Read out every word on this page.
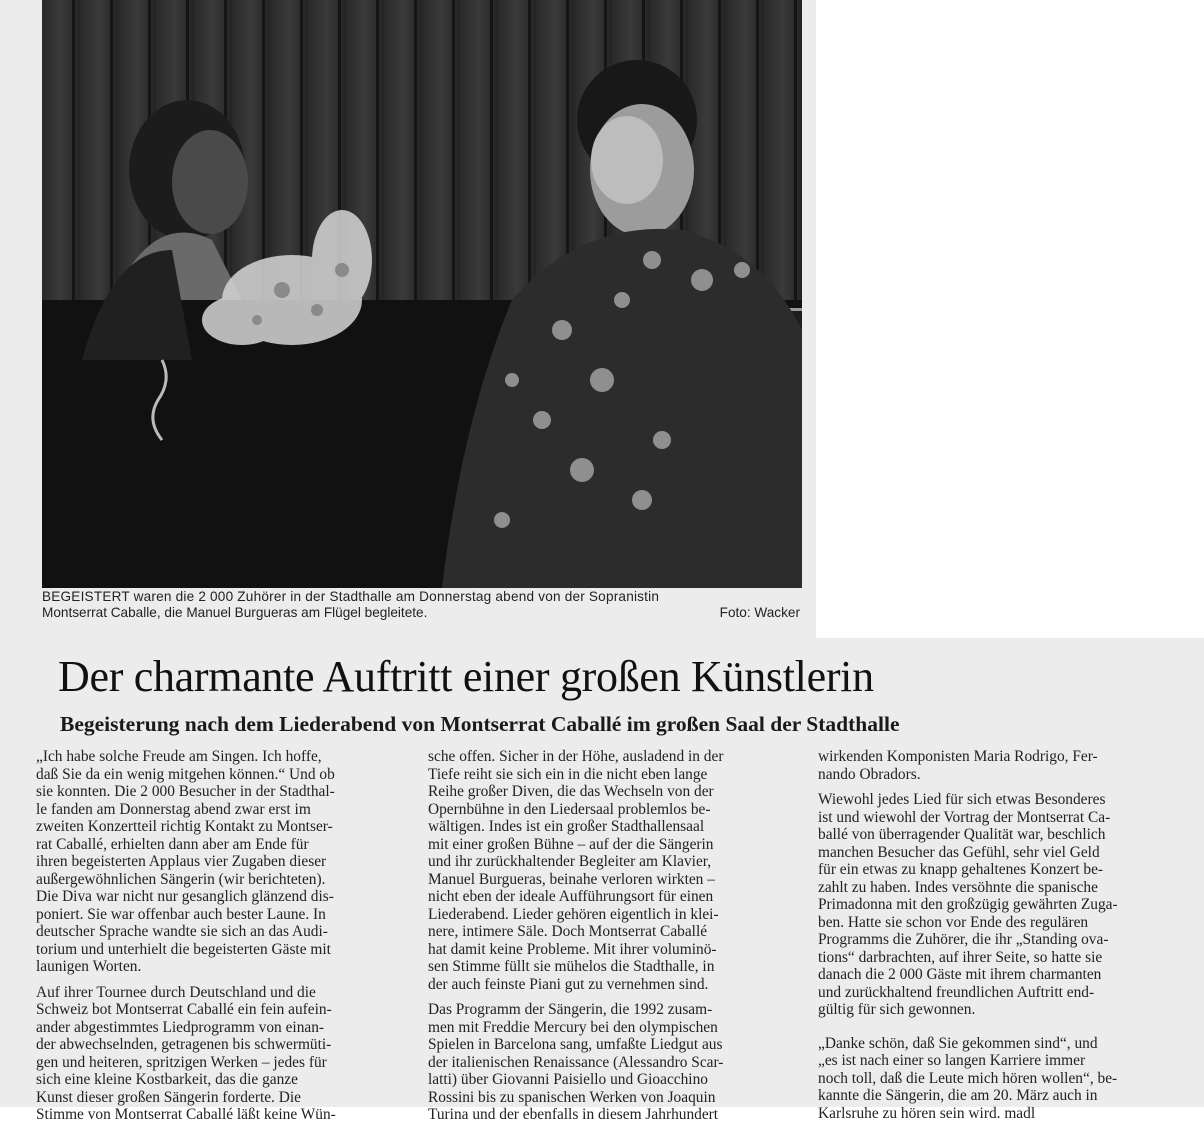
BEGEISTERT waren die 2 000 Zuhörer in der Stadthalle am Donnerstag abend von der Sopranistin
Montserrat Caballe, die Manuel Burgueras am Flügel begleitete.	Foto: Wacker
Der charmante Auftritt einer großen Künstlerin
Begeisterung nach dem Liederabend von Montserrat Caballé im großen Saal der Stadthalle
„Ich habe solche Freude am Singen. Ich hoffe,
daß Sie da ein wenig mitgehen können.“ Und ob
sie konnten. Die 2 000 Besucher in der Stadthal-
le fanden am Donnerstag abend zwar erst im
zweiten Konzertteil richtig Kontakt zu Montser-
rat Caballé, erhielten dann aber am Ende für
ihren begeisterten Applaus vier Zugaben dieser
außergewöhnlichen Sängerin (wir berichteten).
Die Diva war nicht nur gesanglich glänzend dis-
poniert. Sie war offenbar auch bester Laune. In
deutscher Sprache wandte sie sich an das Audi-
torium und unterhielt die begeisterten Gäste mit
launigen Worten.
Auf ihrer Tournee durch Deutschland und die
Schweiz bot Montserrat Caballé ein fein aufein-
ander abgestimmtes Liedprogramm von einan-
der abwechselnden, getragenen bis schwermüti-
gen und heiteren, spritzigen Werken – jedes für
sich eine kleine Kostbarkeit, das die ganze
Kunst dieser großen Sängerin forderte. Die
Stimme von Montserrat Caballé läßt keine Wün-
sche offen. Sicher in der Höhe, ausladend in der
Tiefe reiht sie sich ein in die nicht eben lange
Reihe großer Diven, die das Wechseln von der
Opernbühne in den Liedersaal problemlos be-
wältigen. Indes ist ein großer Stadthallensaal
mit einer großen Bühne – auf der die Sängerin
und ihr zurückhaltender Begleiter am Klavier,
Manuel Burgueras, beinahe verloren wirkten –
nicht eben der ideale Aufführungsort für einen
Liederabend. Lieder gehören eigentlich in klei-
nere, intimere Säle. Doch Montserrat Caballé
hat damit keine Probleme. Mit ihrer voluminö-
sen Stimme füllt sie mühelos die Stadthalle, in
der auch feinste Piani gut zu vernehmen sind.
Das Programm der Sängerin, die 1992 zusam-
men mit Freddie Mercury bei den olympischen
Spielen in Barcelona sang, umfaßte Liedgut aus
der italienischen Renaissance (Alessandro Scar-
latti) über Giovanni Paisiello und Gioacchino
Rossini bis zu spanischen Werken von Joaquin
Turina und der ebenfalls in diesem Jahrhundert
wirkenden Komponisten Maria Rodrigo, Fer-
nando Obradors.
Wiewohl jedes Lied für sich etwas Besonderes
ist und wiewohl der Vortrag der Montserrat Ca-
ballé von überragender Qualität war, beschlich
manchen Besucher das Gefühl, sehr viel Geld
für ein etwas zu knapp gehaltenes Konzert be-
zahlt zu haben. Indes versöhnte die spanische
Primadonna mit den großzügig gewährten Zuga-
ben. Hatte sie schon vor Ende des regulären
Programms die Zuhörer, die ihr „Standing ova-
tions“ darbrachten, auf ihrer Seite, so hatte sie
danach die 2 000 Gäste mit ihrem charmanten
und zurückhaltend freundlichen Auftritt end-
gültig für sich gewonnen.
„Danke schön, daß Sie gekommen sind“, und
„es ist nach einer so langen Karriere immer
noch toll, daß die Leute mich hören wollen“, be-
kannte die Sängerin, die am 20. März auch in
Karlsruhe zu hören sein wird. madl
